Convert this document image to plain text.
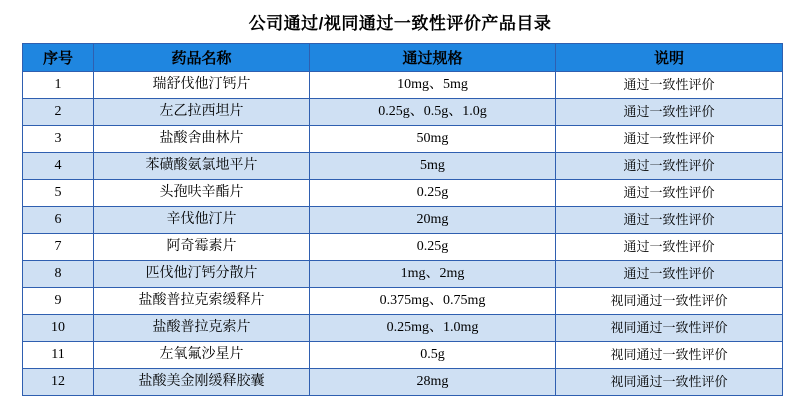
公司通过/视同通过一致性评价产品目录
序号	药品名称	通过规格	说明
1	瑞舒伐他汀钙片	10mg、5mg	通过一致性评价
2	左乙拉西坦片	0.25g、0.5g、1.0g	通过一致性评价
3	盐酸舍曲林片	50mg	通过一致性评价
4	苯磺酸氨氯地平片	5mg	通过一致性评价
5	头孢呋辛酯片	0.25g	通过一致性评价
6	辛伐他汀片	20mg	通过一致性评价
7	阿奇霉素片	0.25g	通过一致性评价
8	匹伐他汀钙分散片	1mg、2mg	通过一致性评价
9	盐酸普拉克索缓释片	0.375mg、0.75mg	视同通过一致性评价
10	盐酸普拉克索片	0.25mg、1.0mg	视同通过一致性评价
11	左氧氟沙星片	0.5g	视同通过一致性评价
12	盐酸美金刚缓释胶囊	28mg	视同通过一致性评价
